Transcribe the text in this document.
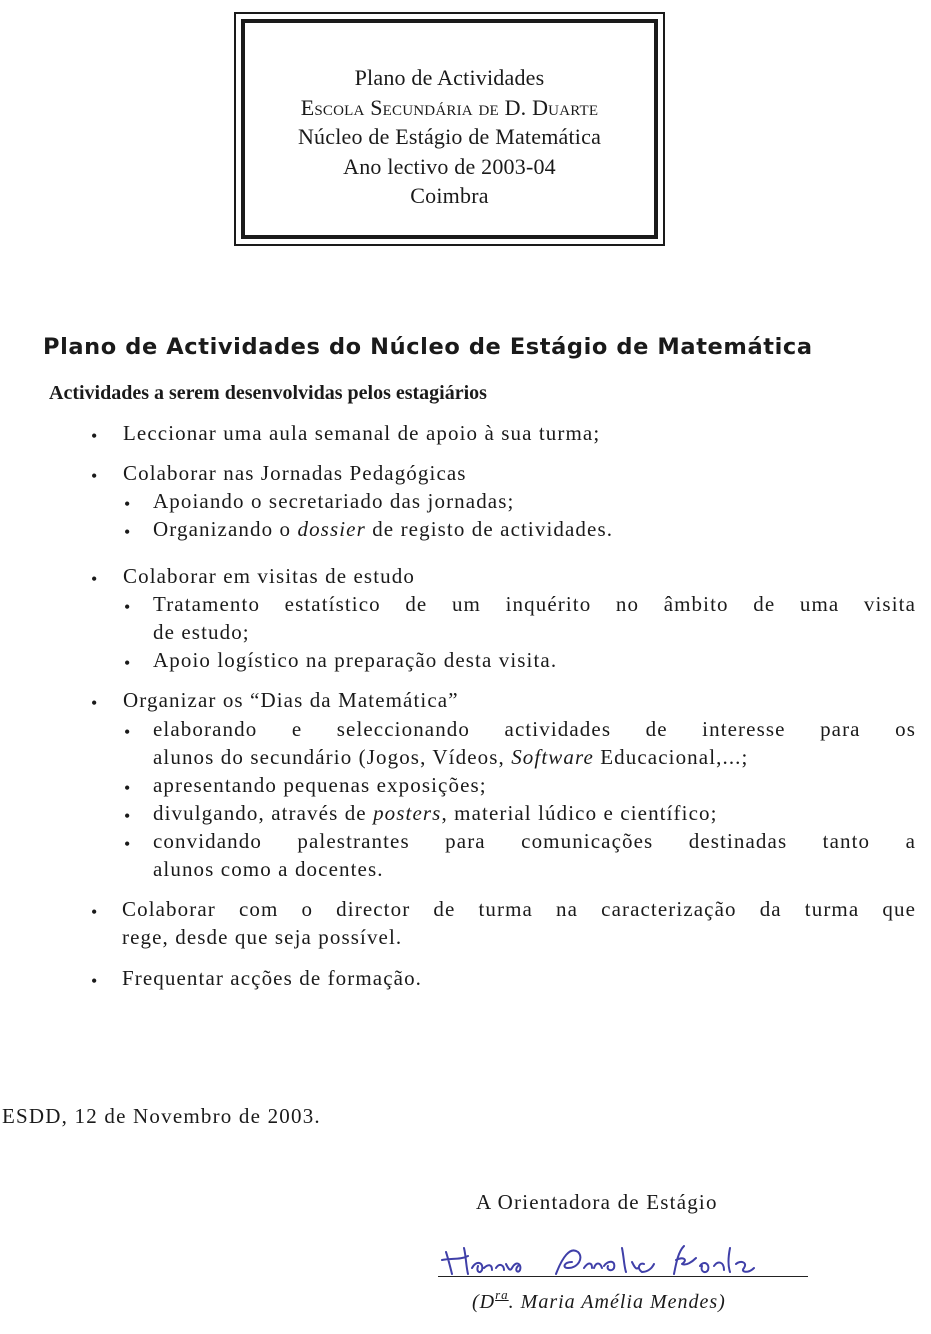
Plano de Actividades
Escola Secundária de D. Duarte
Núcleo de Estágio de Matemática
Ano lectivo de 2003-04
Coimbra
Plano de Actividades do Núcleo de Estágio de Matemática
Actividades a serem desenvolvidas pelos estagiários
• Leccionar uma aula semanal de apoio à sua turma;
• Colaborar nas Jornadas Pedagógicas
• Apoiando o secretariado das jornadas;
• Organizando o dossier de registo de actividades.
• Colaborar em visitas de estudo
• Tratamento estatístico de um inquérito no âmbito de uma visita
de estudo;
• Apoio logístico na preparação desta visita.
• Organizar os “Dias da Matemática”
• elaborando e seleccionando actividades de interesse para os
alunos do secundário (Jogos, Vídeos, Software Educacional,...;
• apresentando pequenas exposições;
• divulgando, através de posters, material lúdico e científico;
• convidando palestrantes para comunicações destinadas tanto a
alunos como a docentes.
• Colaborar com o director de turma na caracterização da turma que
rege, desde que seja possível.
• Frequentar acções de formação.
ESDD, 12 de Novembro de 2003.
A Orientadora de Estágio
($D^{ra}$. Maria Amélia Mendes)
